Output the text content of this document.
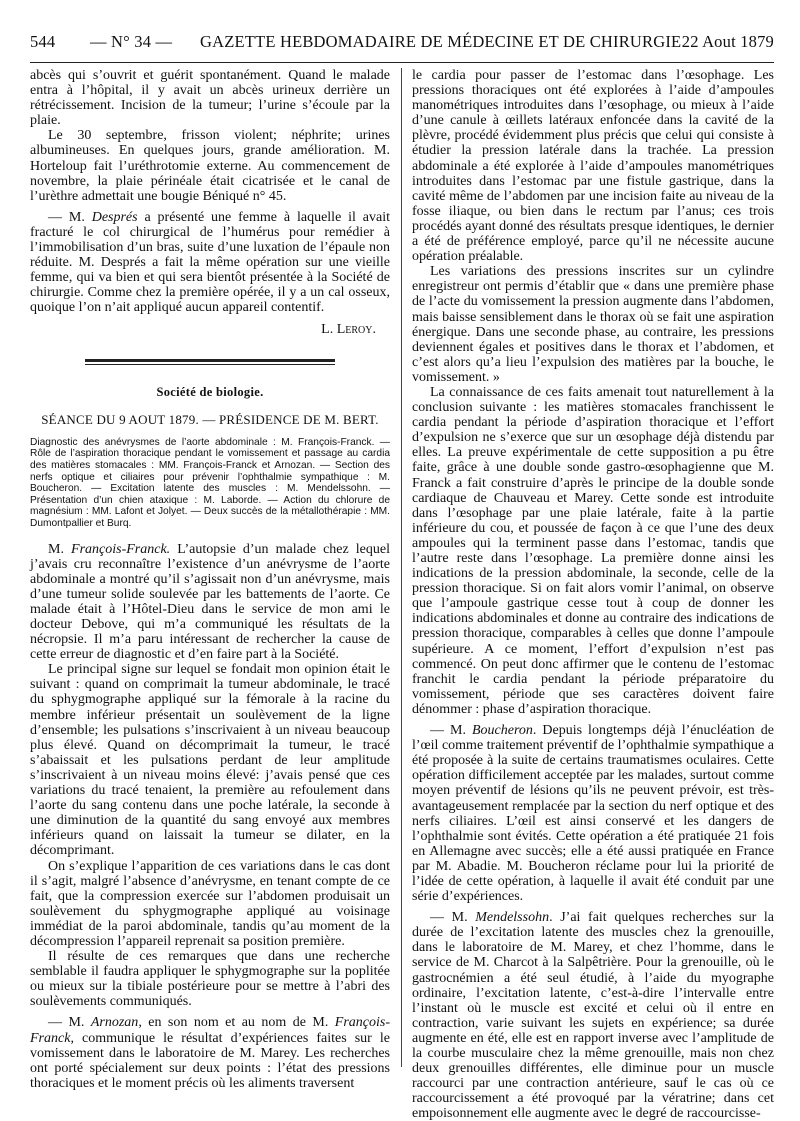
544 — N° 34 — GAZETTE HEBDOMADAIRE DE MÉDECINE ET DE CHIRURGIE 22 Aout 1879

abcès qui s’ouvrit et guérit spontanément. Quand le malade entra à l’hôpital, il y avait un abcès urineux derrière un rétrécissement. Incision de la tumeur; l’urine s’écoule par la plaie.

Le 30 septembre, frisson violent; néphrite; urines albumineuses. En quelques jours, grande amélioration. M. Horteloup fait l’uréthrotomie externe. Au commencement de novembre, la plaie périnéale était cicatrisée et le canal de l’urèthre admettait une bougie Béniqué n° 45.

— M. Després a présenté une femme à laquelle il avait fracturé le col chirurgical de l’humérus pour remédier à l’immobilisation d’un bras, suite d’une luxation de l’épaule non réduite. M. Després a fait la même opération sur une vieille femme, qui va bien et qui sera bientôt présentée à la Société de chirurgie. Comme chez la première opérée, il y a un cal osseux, quoique l’on n’ait appliqué aucun appareil contentif.

L. Leroy.
Société de biologie.
SÉANCE DU 9 AOUT 1879. — PRÉSIDENCE DE M. BERT.
Diagnostic des anévrysmes de l’aorte abdominale : M. François-Franck. — Rôle de l’aspiration thoracique pendant le vomissement et passage au cardia des matières stomacales : MM. François-Franck et Arnozan. — Section des nerfs optique et ciliaires pour prévenir l’ophthalmie sympathique : M. Boucheron. — Excitation latente des muscles : M. Mendelssohn. — Présentation d’un chien ataxique : M. Laborde. — Action du chlorure de magnésium : MM. Lafont et Jolyet. — Deux succès de la métallothérapie : MM. Dumontpallier et Burq.

M. François-Franck. L’autopsie d’un malade chez lequel j’avais cru reconnaître l’existence d’un anévrysme de l’aorte abdominale a montré qu’il s’agissait non d’un anévrysme, mais d’une tumeur solide soulevée par les battements de l’aorte. Ce malade était à l’Hôtel-Dieu dans le service de mon ami le docteur Debove, qui m’a communiqué les résultats de la nécropsie. Il m’a paru intéressant de rechercher la cause de cette erreur de diagnostic et d’en faire part à la Société.

Le principal signe sur lequel se fondait mon opinion était le suivant : quand on comprimait la tumeur abdominale, le tracé du sphygmographe appliqué sur la fémorale à la racine du membre inférieur présentait un soulèvement de la ligne d’ensemble; les pulsations s’inscrivaient à un niveau beaucoup plus élevé. Quand on décomprimait la tumeur, le tracé s’abaissait et les pulsations perdant de leur amplitude s’inscrivaient à un niveau moins élevé: j’avais pensé que ces variations du tracé tenaient, la première au refoulement dans l’aorte du sang contenu dans une poche latérale, la seconde à une diminution de la quantité du sang envoyé aux membres inférieurs quand on laissait la tumeur se dilater, en la décomprimant.

On s’explique l’apparition de ces variations dans le cas dont il s’agit, malgré l’absence d’anévrysme, en tenant compte de ce fait, que la compression exercée sur l’abdomen produisait un soulèvement du sphygmographe appliqué au voisinage immédiat de la paroi abdominale, tandis qu’au moment de la décompression l’appareil reprenait sa position première.

Il résulte de ces remarques que dans une recherche semblable il faudra appliquer le sphygmographe sur la poplitée ou mieux sur la tibiale postérieure pour se mettre à l’abri des soulèvements communiqués.

— M. Arnozan, en son nom et au nom de M. François-Franck, communique le résultat d’expériences faites sur le vomissement dans le laboratoire de M. Marey. Les recherches ont porté spécialement sur deux points : l’état des pressions thoraciques et le moment précis où les aliments traversent

le cardia pour passer de l’estomac dans l’œsophage. Les pressions thoraciques ont été explorées à l’aide d’ampoules manométriques introduites dans l’œsophage, ou mieux à l’aide d’une canule à œillets latéraux enfoncée dans la cavité de la plèvre, procédé évidemment plus précis que celui qui consiste à étudier la pression latérale dans la trachée. La pression abdominale a été explorée à l’aide d’ampoules manométriques introduites dans l’estomac par une fistule gastrique, dans la cavité même de l’abdomen par une incision faite au niveau de la fosse iliaque, ou bien dans le rectum par l’anus; ces trois procédés ayant donné des résultats presque identiques, le dernier a été de préférence employé, parce qu’il ne nécessite aucune opération préalable.

Les variations des pressions inscrites sur un cylindre enregistreur ont permis d’établir que « dans une première phase de l’acte du vomissement la pression augmente dans l’abdomen, mais baisse sensiblement dans le thorax où se fait une aspiration énergique. Dans une seconde phase, au contraire, les pressions deviennent égales et positives dans le thorax et l’abdomen, et c’est alors qu’a lieu l’expulsion des matières par la bouche, le vomissement. »

La connaissance de ces faits amenait tout naturellement à la conclusion suivante : les matières stomacales franchissent le cardia pendant la période d’aspiration thoracique et l’effort d’expulsion ne s’exerce que sur un œsophage déjà distendu par elles. La preuve expérimentale de cette supposition a pu être faite, grâce à une double sonde gastro-œsophagienne que M. Franck a fait construire d’après le principe de la double sonde cardiaque de Chauveau et Marey. Cette sonde est introduite dans l’œsophage par une plaie latérale, faite à la partie inférieure du cou, et poussée de façon à ce que l’une des deux ampoules qui la terminent passe dans l’estomac, tandis que l’autre reste dans l’œsophage. La première donne ainsi les indications de la pression abdominale, la seconde, celle de la pression thoracique. Si on fait alors vomir l’animal, on observe que l’ampoule gastrique cesse tout à coup de donner les indications abdominales et donne au contraire des indications de pression thoracique, comparables à celles que donne l’ampoule supérieure. A ce moment, l’effort d’expulsion n’est pas commencé. On peut donc affirmer que le contenu de l’estomac franchit le cardia pendant la période préparatoire du vomissement, période que ses caractères doivent faire dénommer : phase d’aspiration thoracique.

— M. Boucheron. Depuis longtemps déjà l’énucléation de l’œil comme traitement préventif de l’ophthalmie sympathique a été proposée à la suite de certains traumatismes oculaires. Cette opération difficilement acceptée par les malades, surtout comme moyen préventif de lésions qu’ils ne peuvent prévoir, est très-avantageusement remplacée par la section du nerf optique et des nerfs ciliaires. L’œil est ainsi conservé et les dangers de l’ophthalmie sont évités. Cette opération a été pratiquée 21 fois en Allemagne avec succès; elle a été aussi pratiquée en France par M. Abadie. M. Boucheron réclame pour lui la priorité de l’idée de cette opération, à laquelle il avait été conduit par une série d’expériences.

— M. Mendelssohn. J’ai fait quelques recherches sur la durée de l’excitation latente des muscles chez la grenouille, dans le laboratoire de M. Marey, et chez l’homme, dans le service de M. Charcot à la Salpêtrière. Pour la grenouille, où le gastrocnémien a été seul étudié, à l’aide du myographe ordinaire, l’excitation latente, c’est-à-dire l’intervalle entre l’instant où le muscle est excité et celui où il entre en contraction, varie suivant les sujets en expérience; sa durée augmente en été, elle est en rapport inverse avec l’amplitude de la courbe musculaire chez la même grenouille, mais non chez deux grenouilles différentes, elle diminue pour un muscle raccourci par une contraction antérieure, sauf le cas où ce raccourcissement a été provoqué par la vératrine; dans cet empoisonnement elle augmente avec le degré de raccourcisse-
